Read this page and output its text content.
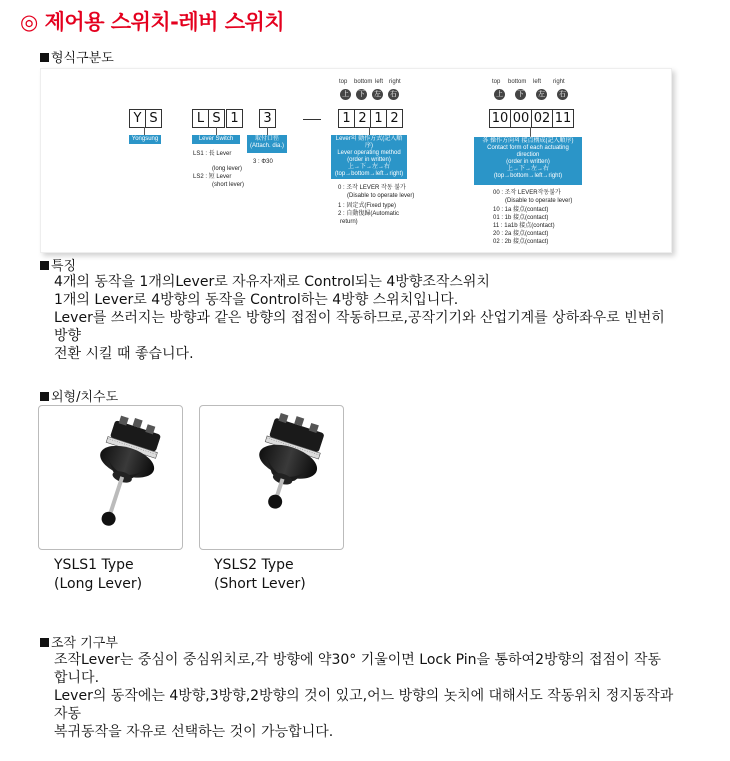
◎ 제어용 스위치-레버 스위치
형식구분도
Y S	L S 1	3	1 2 1 2	10 00 02 11
top bottom left right
上 下 左 右
top bottom left right
上 下 左 右
Yongsung	Lever Switch	取付口徑
(Attach. dia.)
Lever의 動作方式(記入順序)
Lever operating method
(order in written)
上→下→左→右
(top→bottom→left→right)
各 操作方向의 接点構成(記入順序)
Contact form of each actuating direction
(order in written)
上→下→左→右
(top→bottom→left→right)
LS1 : 長 Lever
(long lever)
LS2 : 短 Lever
(short lever)
3 : Φ30
0 : 조작 LEVER 작동 불가
(Disable to operate lever)
1 : 固定式(Fixed type)
2 : 自動復歸(Automatic
return)
00 : 조작 LEVER작동불가
(Disable to operate lever)
10 : 1a 接点(contact)
01 : 1b 接点(contact)
11 : 1a1b 接点(contact)
20 : 2a 接点(contact)
02 : 2b 接点(contact)
특징
4개의 동작을 1개의Lever로 자유자재로 Control되는 4방향조작스위치
1개의 Lever로 4방향의 동작을 Control하는 4방향 스위치입니다.
Lever를 쓰러지는 방향과 같은 방향의 접점이 작동하므로,공작기기와 산업기계를 상하좌우로 빈번히
방향
전환 시킬 때 좋습니다.
외형/치수도
YSLS1 Type
(Long Lever)
YSLS2 Type
(Short Lever)
조작 기구부
조작Lever는 중심이 중심위치로,각 방향에 약30° 기울이면 Lock Pin을 통하여2방향의 접점이 작동
합니다.
Lever의 동작에는 4방향,3방향,2방향의 것이 있고,어느 방향의 놋치에 대해서도 작동위치 정지동작과
자동
복귀동작을 자유로 선택하는 것이 가능합니다.
